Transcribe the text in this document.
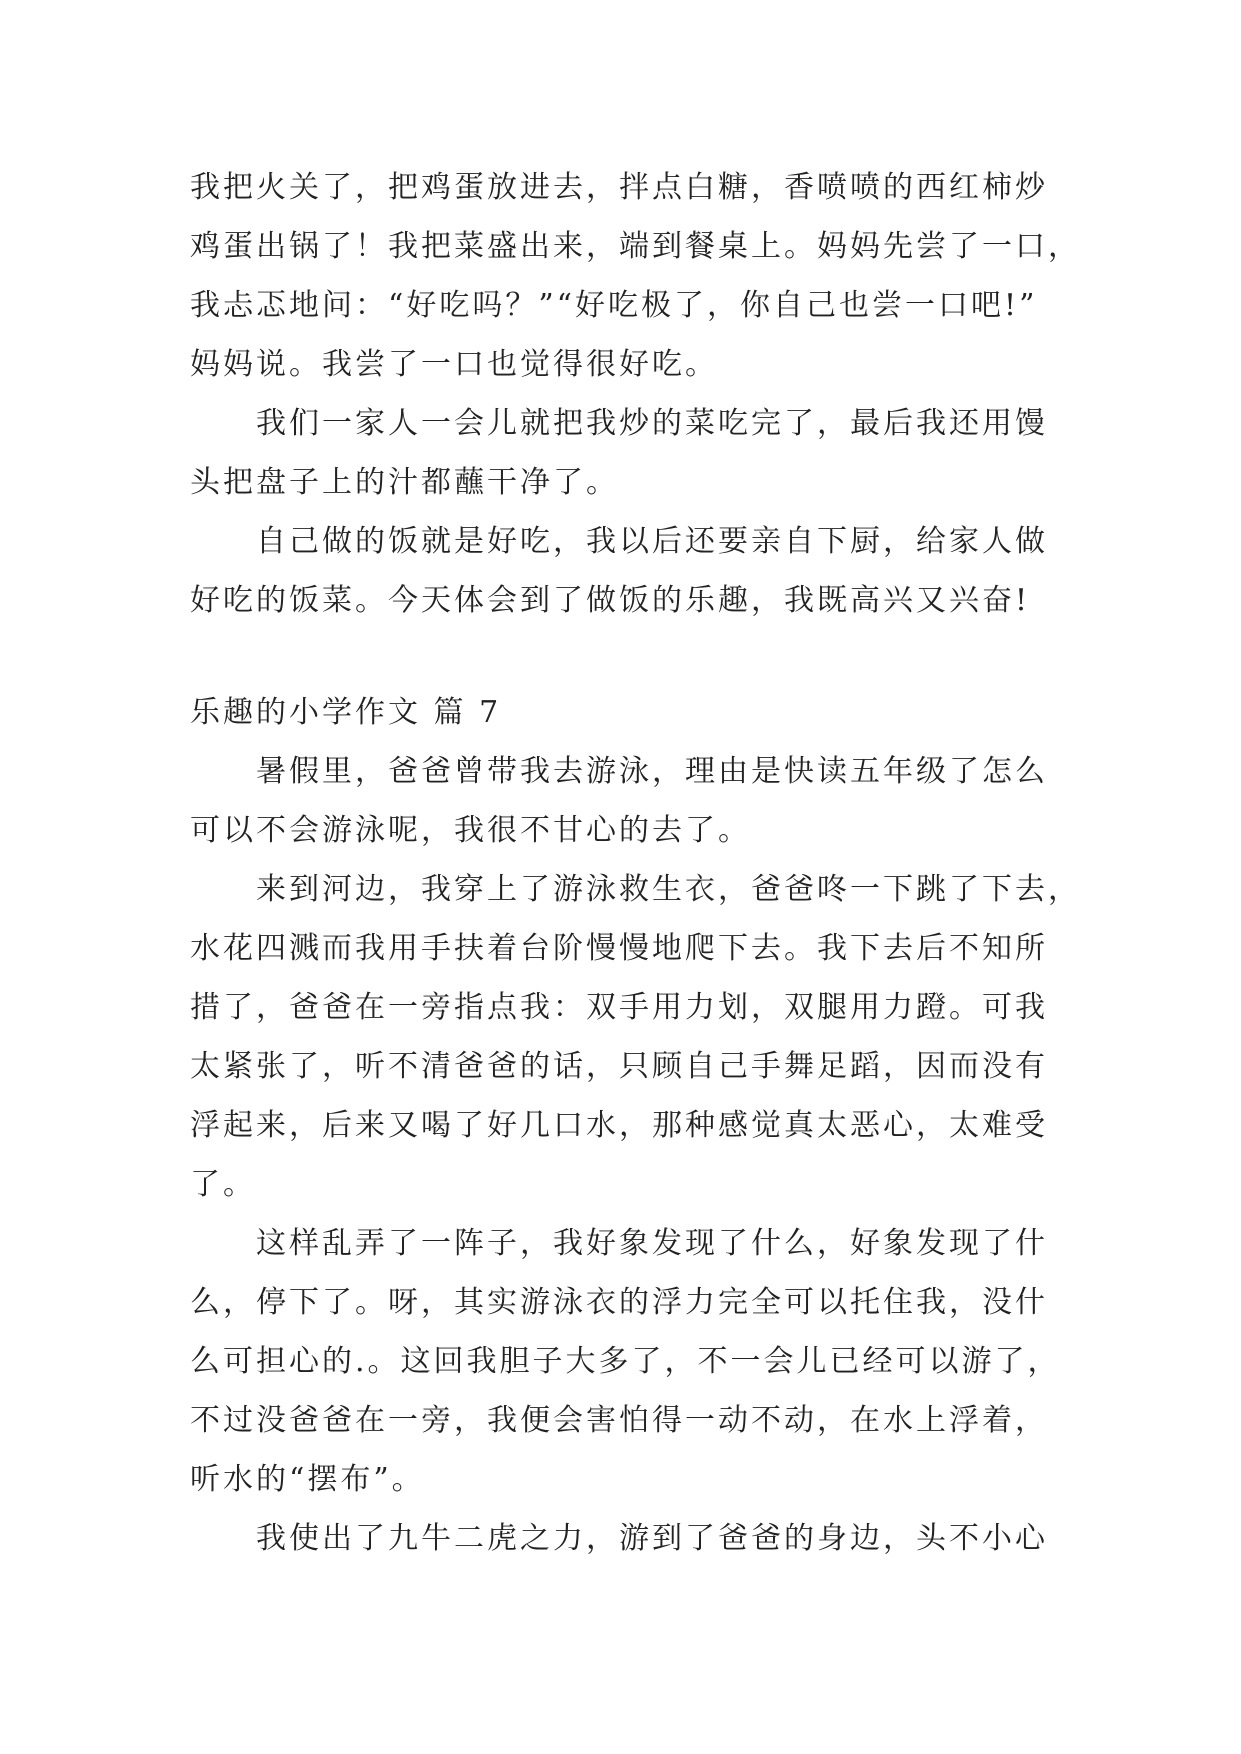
我把火关了，把鸡蛋放进去，拌点白糖，香喷喷的西红柿炒
鸡蛋出锅了！我把菜盛出来，端到餐桌上。妈妈先尝了一口，
我忐忑地问：“好吃吗？”“好吃极了，你自己也尝一口吧!”
妈妈说。我尝了一口也觉得很好吃。
我们一家人一会儿就把我炒的菜吃完了，最后我还用馒
头把盘子上的汁都蘸干净了。
自己做的饭就是好吃，我以后还要亲自下厨，给家人做
好吃的饭菜。今天体会到了做饭的乐趣，我既高兴又兴奋!
乐趣的小学作文 篇 7
暑假里，爸爸曾带我去游泳，理由是快读五年级了怎么
可以不会游泳呢，我很不甘心的去了。
来到河边，我穿上了游泳救生衣，爸爸咚一下跳了下去，
水花四溅而我用手扶着台阶慢慢地爬下去。我下去后不知所
措了，爸爸在一旁指点我：双手用力划，双腿用力蹬。可我
太紧张了，听不清爸爸的话，只顾自己手舞足蹈，因而没有
浮起来，后来又喝了好几口水，那种感觉真太恶心，太难受
了。
这样乱弄了一阵子，我好象发现了什么，好象发现了什
么，停下了。呀，其实游泳衣的浮力完全可以托住我，没什
么可担心的.。这回我胆子大多了，不一会儿已经可以游了，
不过没爸爸在一旁，我便会害怕得一动不动，在水上浮着，
听水的“摆布”。
我使出了九牛二虎之力，游到了爸爸的身边，头不小心
